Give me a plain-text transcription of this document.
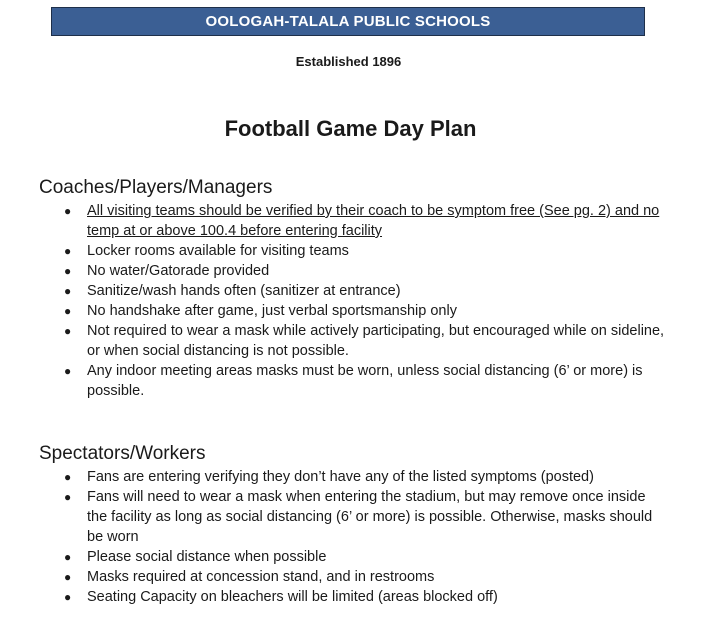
OOLOGAH-TALALA PUBLIC SCHOOLS
Established 1896
Football Game Day Plan
Coaches/Players/Managers
● All visiting teams should be verified by their coach to be symptom free (See pg. 2) and no temp at or above 100.4 before entering facility
● Locker rooms available for visiting teams
● No water/Gatorade provided
● Sanitize/wash hands often (sanitizer at entrance)
● No handshake after game, just verbal sportsmanship only
● Not required to wear a mask while actively participating, but encouraged while on sideline, or when social distancing is not possible.
● Any indoor meeting areas masks must be worn, unless social distancing (6’ or more) is possible.
Spectators/Workers
● Fans are entering verifying they don’t have any of the listed symptoms (posted)
● Fans will need to wear a mask when entering the stadium, but may remove once inside the facility as long as social distancing (6’ or more) is possible. Otherwise, masks should be worn
● Please social distance when possible
● Masks required at concession stand, and in restrooms
● Seating Capacity on bleachers will be limited (areas blocked off)
